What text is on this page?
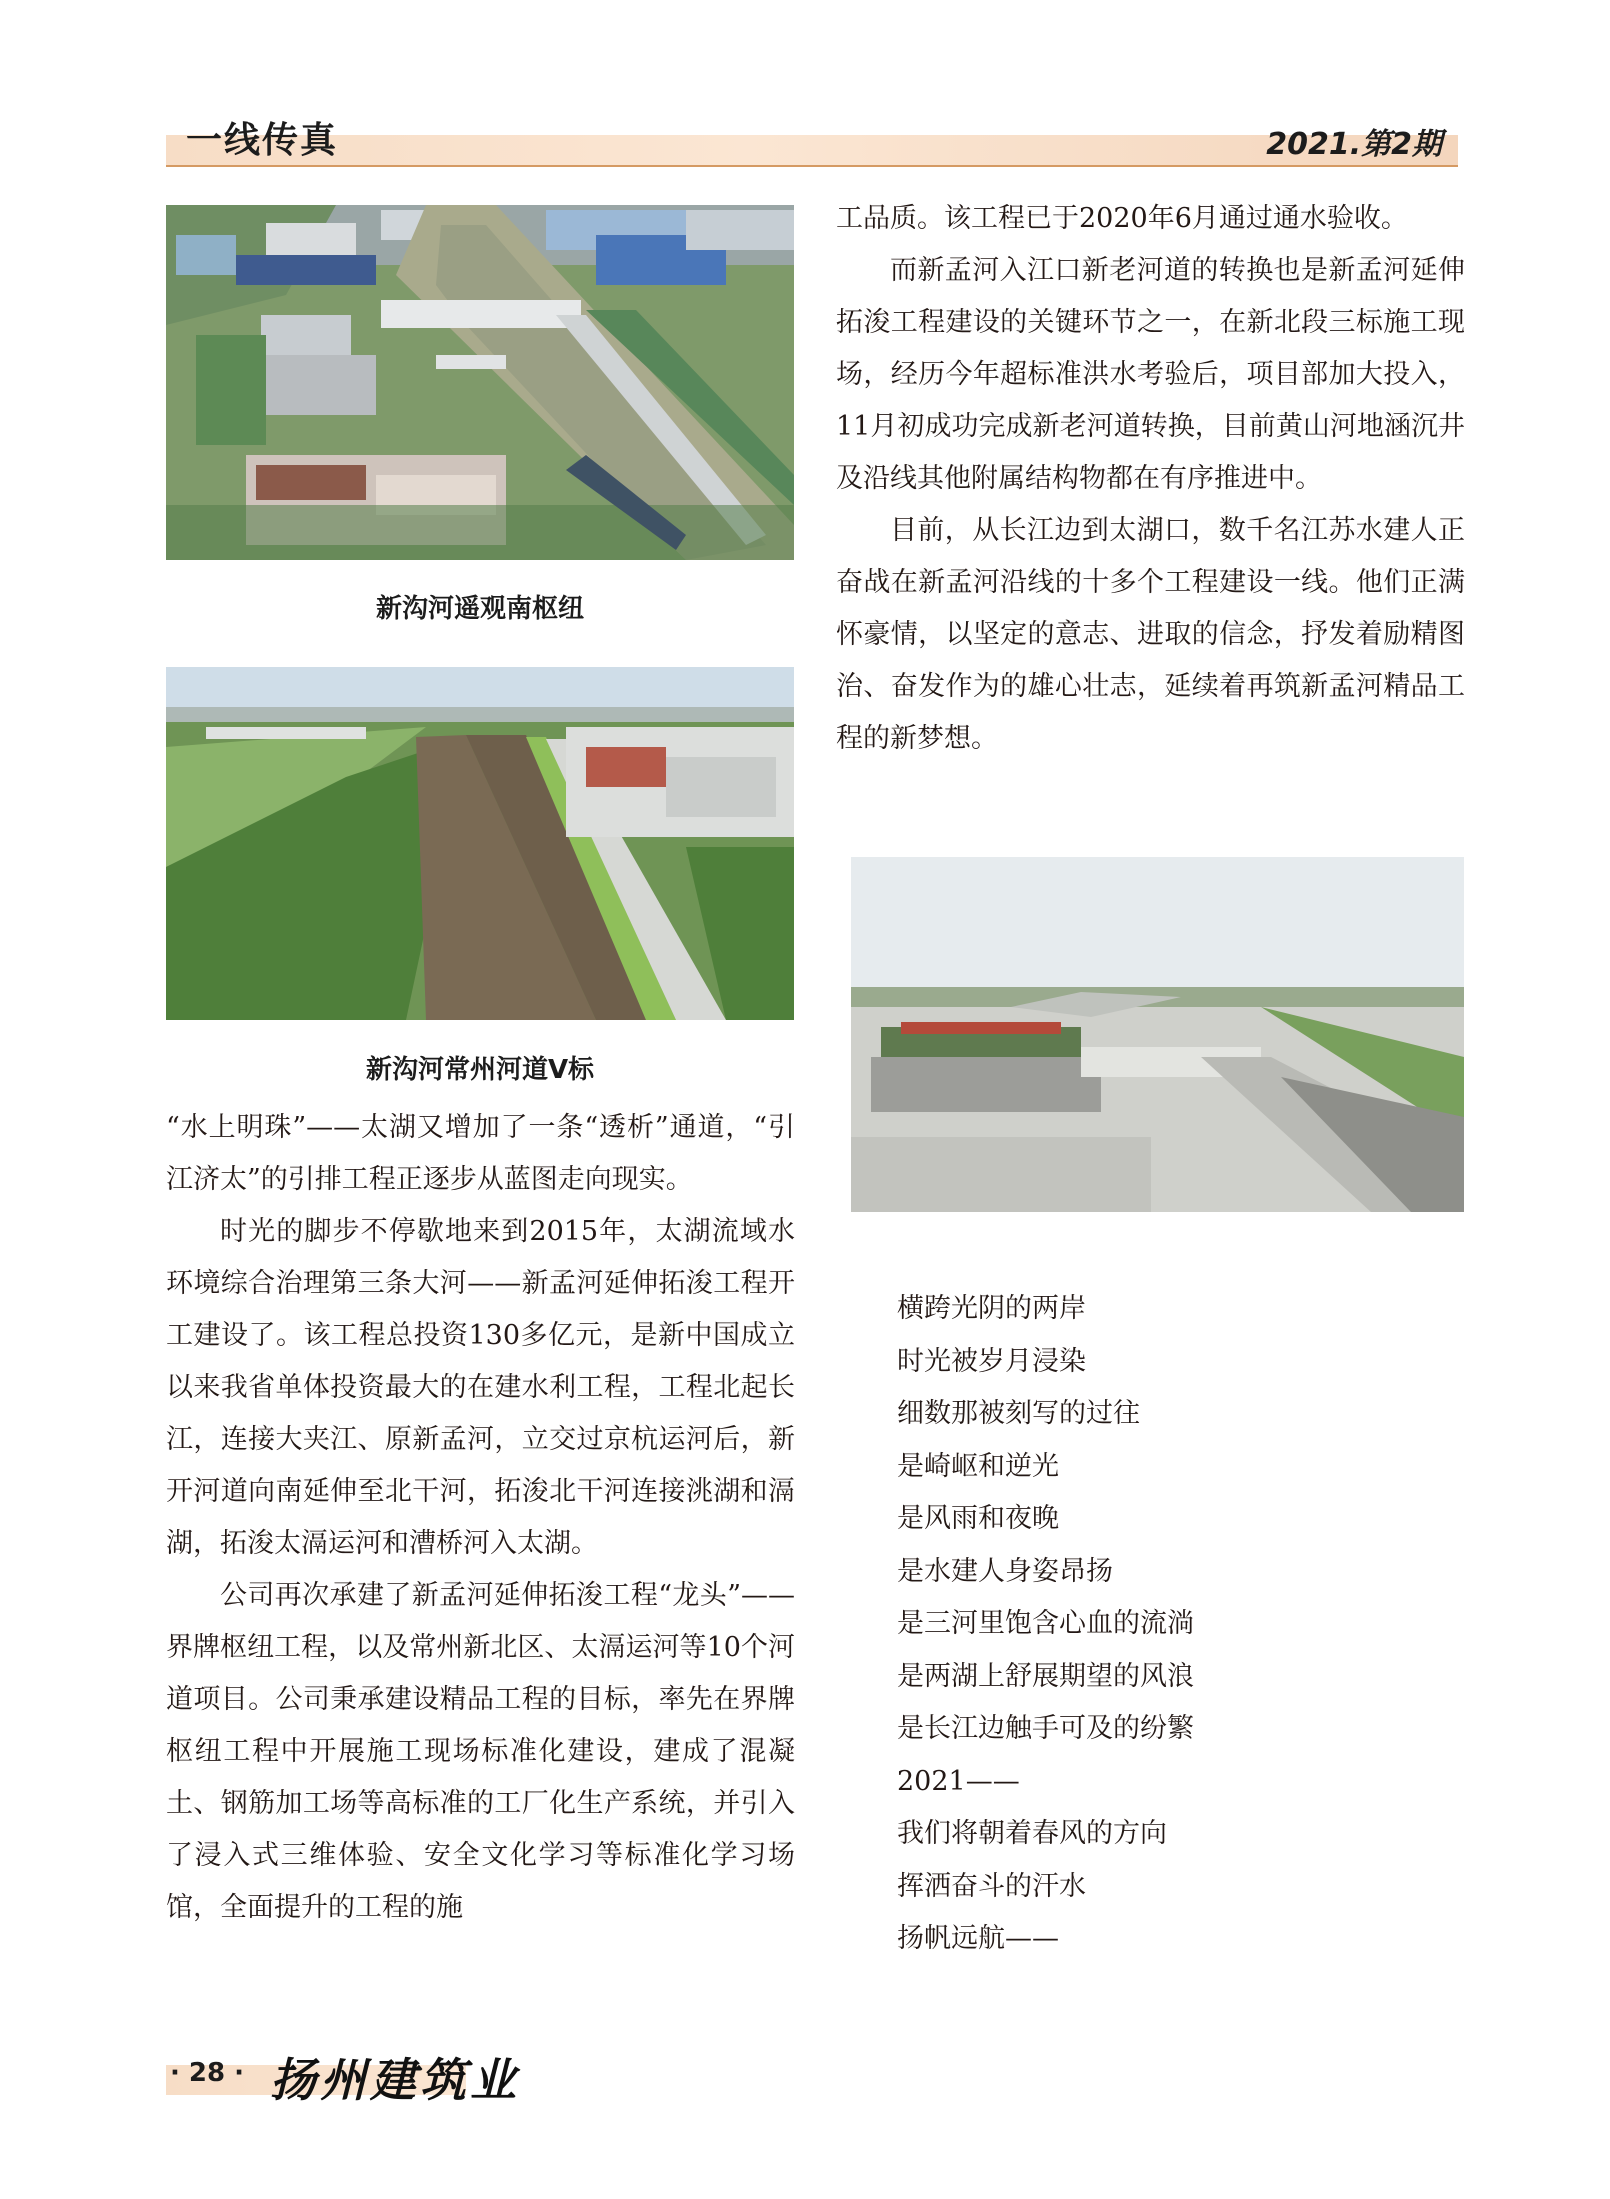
一线传真	2021.第2期
新沟河遥观南枢纽
新沟河常州河道Ⅴ标

“水上明珠”——太湖又增加了一条“透析”通道，“引江济太”的引排工程正逐步从蓝图走向现实。

时光的脚步不停歇地来到2015年，太湖流域水环境综合治理第三条大河——新孟河延伸拓浚工程开工建设了。该工程总投资130多亿元，是新中国成立以来我省单体投资最大的在建水利工程，工程北起长江，连接大夹江、原新孟河，立交过京杭运河后，新开河道向南延伸至北干河，拓浚北干河连接洮湖和滆湖，拓浚太滆运河和漕桥河入太湖。

公司再次承建了新孟河延伸拓浚工程“龙头”——界牌枢纽工程，以及常州新北区、太滆运河等10个河道项目。公司秉承建设精品工程的目标，率先在界牌枢纽工程中开展施工现场标准化建设，建成了混凝土、钢筋加工场等高标准的工厂化生产系统，并引入了浸入式三维体验、安全文化学习等标准化学习场馆，全面提升的工程的施

工品质。该工程已于2020年6月通过通水验收。

而新孟河入江口新老河道的转换也是新孟河延伸拓浚工程建设的关键环节之一，在新北段三标施工现场，经历今年超标准洪水考验后，项目部加大投入，11月初成功完成新老河道转换，目前黄山河地涵沉井及沿线其他附属结构物都在有序推进中。

目前，从长江边到太湖口，数千名江苏水建人正奋战在新孟河沿线的十多个工程建设一线。他们正满怀豪情，以坚定的意志、进取的信念，抒发着励精图治、奋发作为的雄心壮志，延续着再筑新孟河精品工程的新梦想。

横跨光阴的两岸
时光被岁月浸染
细数那被刻写的过往
是崎岖和逆光
是风雨和夜晚
是水建人身姿昂扬
是三河里饱含心血的流淌
是两湖上舒展期望的风浪
是长江边触手可及的纷繁
2021——
我们将朝着春风的方向
挥洒奋斗的汗水
扬帆远航——
· 28 · 扬州建筑业
